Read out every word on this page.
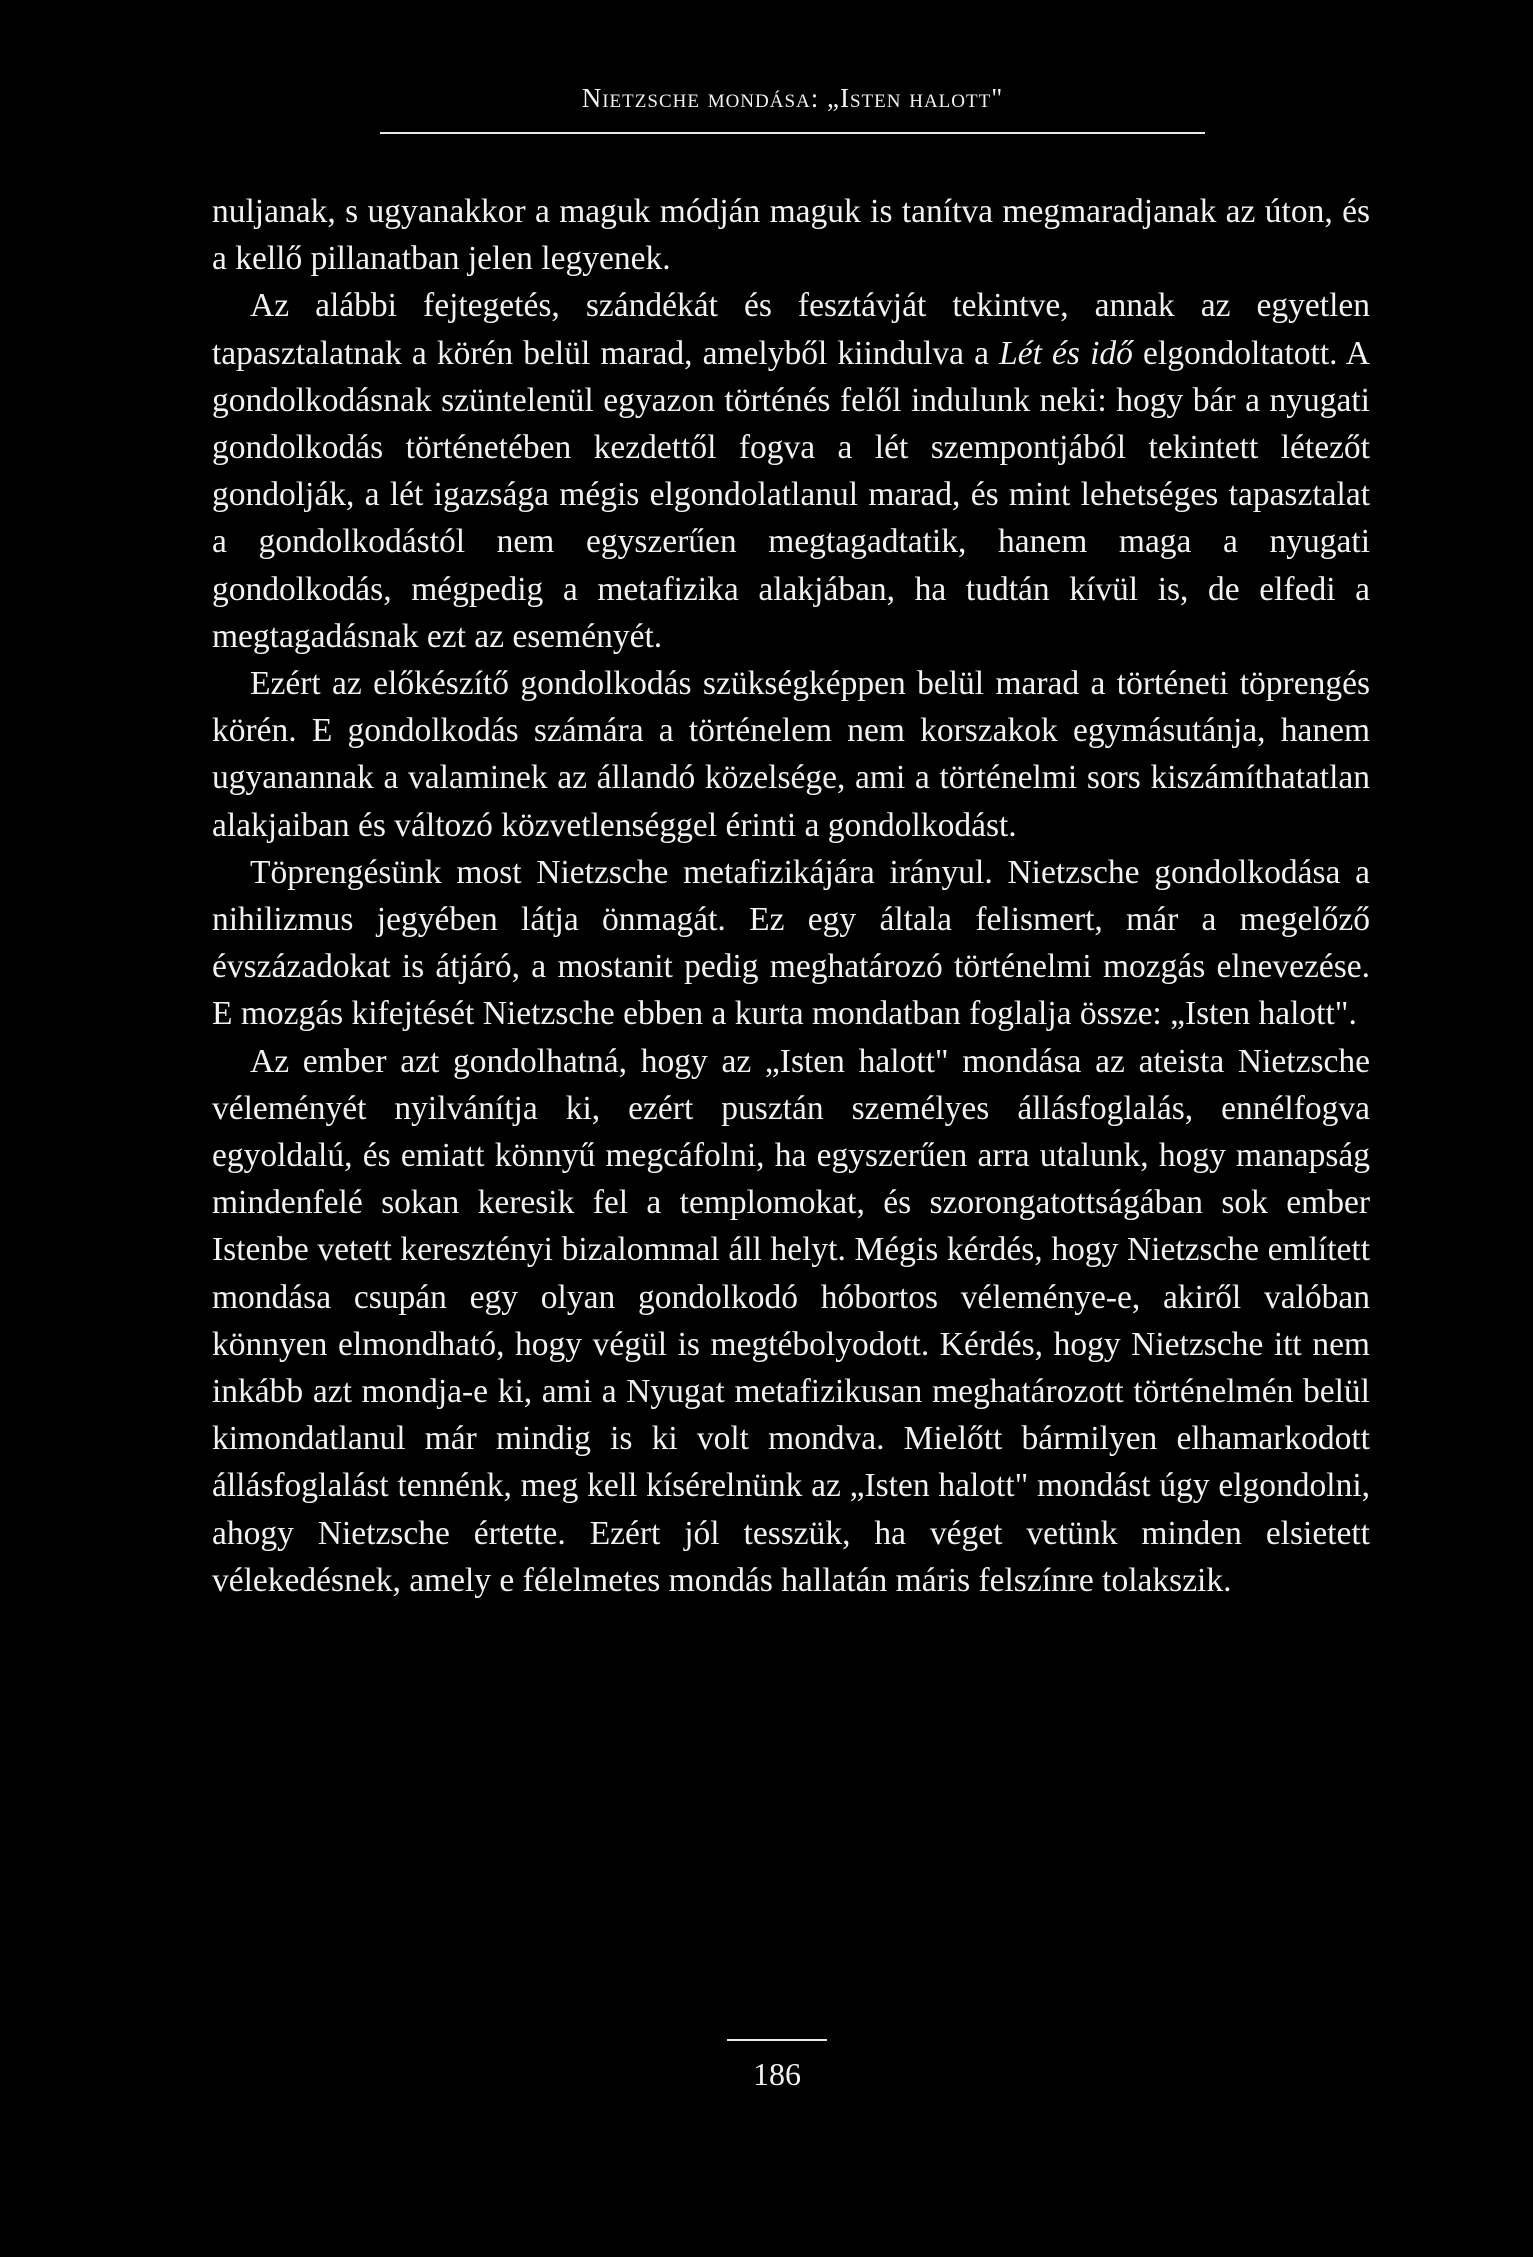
Nietzsche mondása: „Isten halott"

nuljanak, s ugyanakkor a maguk módján maguk is tanítva megmaradjanak az úton, és a kellő pillanatban jelen legyenek.

Az alábbi fejtegetés, szándékát és fesztávját tekintve, annak az egyetlen tapasztalatnak a körén belül marad, amelyből kiindulva a Lét és idő elgondoltatott. A gondolkodásnak szüntelenül egyazon történés felől indulunk neki: hogy bár a nyugati gondolkodás történetében kezdettől fogva a lét szempontjából tekintett létezőt gondolják, a lét igazsága mégis elgondolatlanul marad, és mint lehetséges tapasztalat a gondolkodástól nem egyszerűen megtagadtatik, hanem maga a nyugati gondolkodás, mégpedig a metafizika alakjában, ha tudtán kívül is, de elfedi a megtagadásnak ezt az eseményét.

Ezért az előkészítő gondolkodás szükségképpen belül marad a történeti töprengés körén. E gondolkodás számára a történelem nem korszakok egymásutánja, hanem ugyanannak a valaminek az állandó közelsége, ami a történelmi sors kiszámíthatatlan alakjaiban és változó közvetlenséggel érinti a gondolkodást.

Töprengésünk most Nietzsche metafizikájára irányul. Nietzsche gondolkodása a nihilizmus jegyében látja önmagát. Ez egy általa felismert, már a megelőző évszázadokat is átjáró, a mostanit pedig meghatározó történelmi mozgás elnevezése. E mozgás kifejtését Nietzsche ebben a kurta mondatban foglalja össze: „Isten halott".

Az ember azt gondolhatná, hogy az „Isten halott" mondása az ateista Nietzsche véleményét nyilvánítja ki, ezért pusztán személyes állásfoglalás, ennélfogva egyoldalú, és emiatt könnyű megcáfolni, ha egyszerűen arra utalunk, hogy manapság mindenfelé sokan keresik fel a templomokat, és szorongatottságában sok ember Istenbe vetett keresztényi bizalommal áll helyt. Mégis kérdés, hogy Nietzsche említett mondása csupán egy olyan gondolkodó hóbortos véleménye-e, akiről valóban könnyen elmondható, hogy végül is megtébolyodott. Kérdés, hogy Nietzsche itt nem inkább azt mondja-e ki, ami a Nyugat metafizikusan meghatározott történelmén belül kimondatlanul már mindig is ki volt mondva. Mielőtt bármilyen elhamarkodott állásfoglalást tennénk, meg kell kísérelnünk az „Isten halott" mondást úgy elgondolni, ahogy Nietzsche értette. Ezért jól tesszük, ha véget vetünk minden elsietett vélekedésnek, amely e félelmetes mondás hallatán máris felszínre tolakszik.

186
